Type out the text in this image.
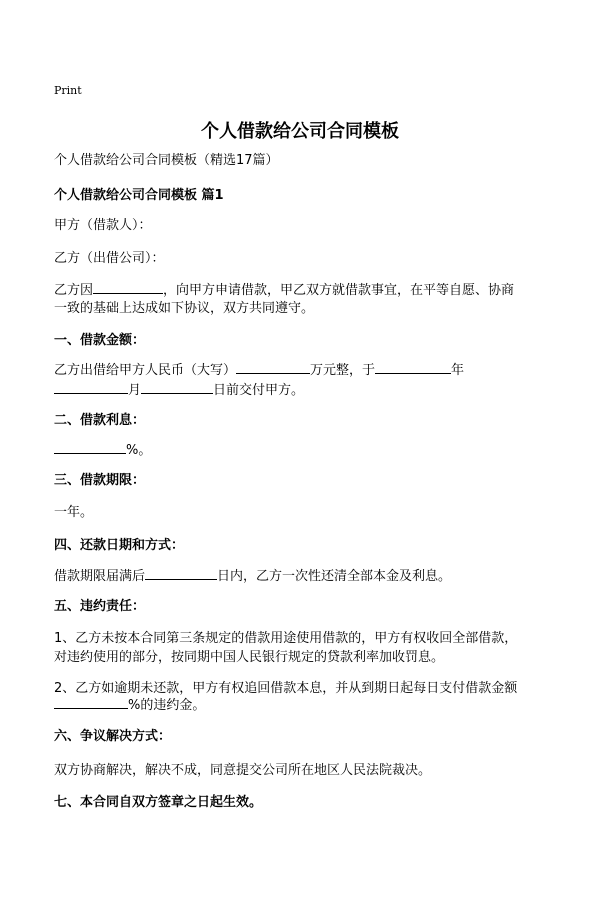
Print
个人借款给公司合同模板
个人借款给公司合同模板（精选17篇）
个人借款给公司合同模板 篇1
甲方（借款人）：
乙方（出借公司）：
乙方因	，向甲方申请借款，甲乙双方就借款事宜，在平等自愿、协商
一致的基础上达成如下协议，双方共同遵守。
一、借款金额：
乙方出借给甲方人民币（大写）	万元整，于	年
月	日前交付甲方。
二、借款利息：
%。
三、借款期限：
一年。
四、还款日期和方式：
借款期限届满后	日内，乙方一次性还清全部本金及利息。
五、违约责任：
1、乙方未按本合同第三条规定的借款用途使用借款的，甲方有权收回全部借款，
对违约使用的部分，按同期中国人民银行规定的贷款利率加收罚息。
2、乙方如逾期未还款，甲方有权追回借款本息，并从到期日起每日支付借款金额
%的违约金。
六、争议解决方式：
双方协商解决，解决不成，同意提交公司所在地区人民法院裁决。
七、本合同自双方签章之日起生效。
